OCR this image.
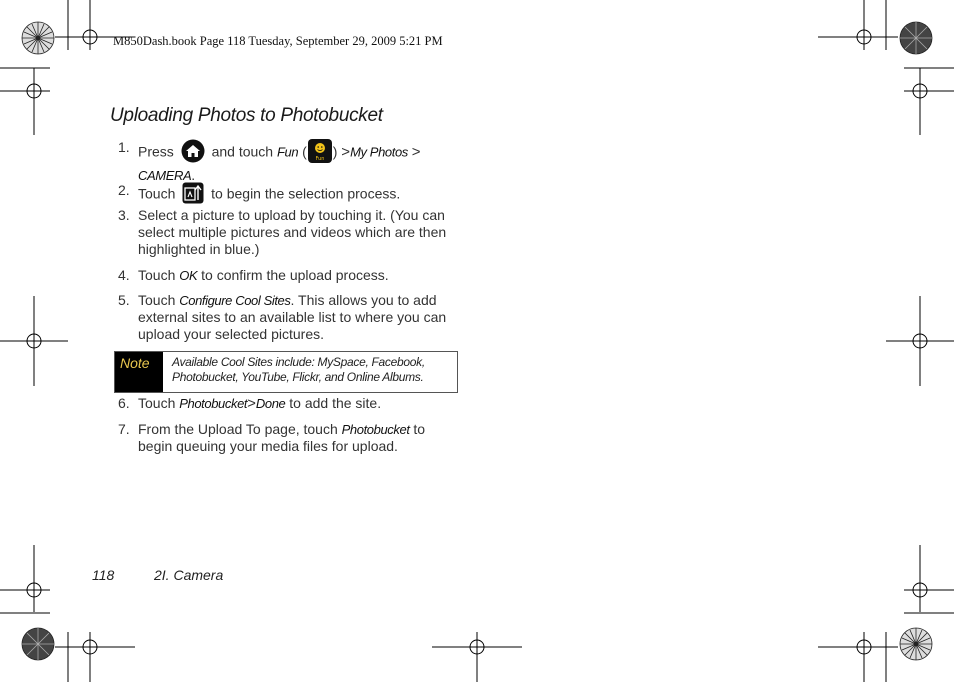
M850Dash.book Page 118 Tuesday, September 29, 2009 5:21 PM
Uploading Photos to Photobucket
1. Press	and touch Fun ( Fun ) >My Photos >
CAMERA.
2. Touch	to begin the selection process.
3. Select a picture to upload by touching it. (You can select multiple pictures and videos which are then highlighted in blue.)
4. Touch OK to confirm the upload process.
5. Touch Configure Cool Sites. This allows you to add external sites to an available list to where you can upload your selected pictures.
Note Available Cool Sites include: MySpace, Facebook, Photobucket, YouTube, Flickr, and Online Albums.
6. Touch Photobucket>Done to add the site.
7. From the Upload To page, touch Photobucket to begin queuing your media files for upload.
118	2I. Camera
